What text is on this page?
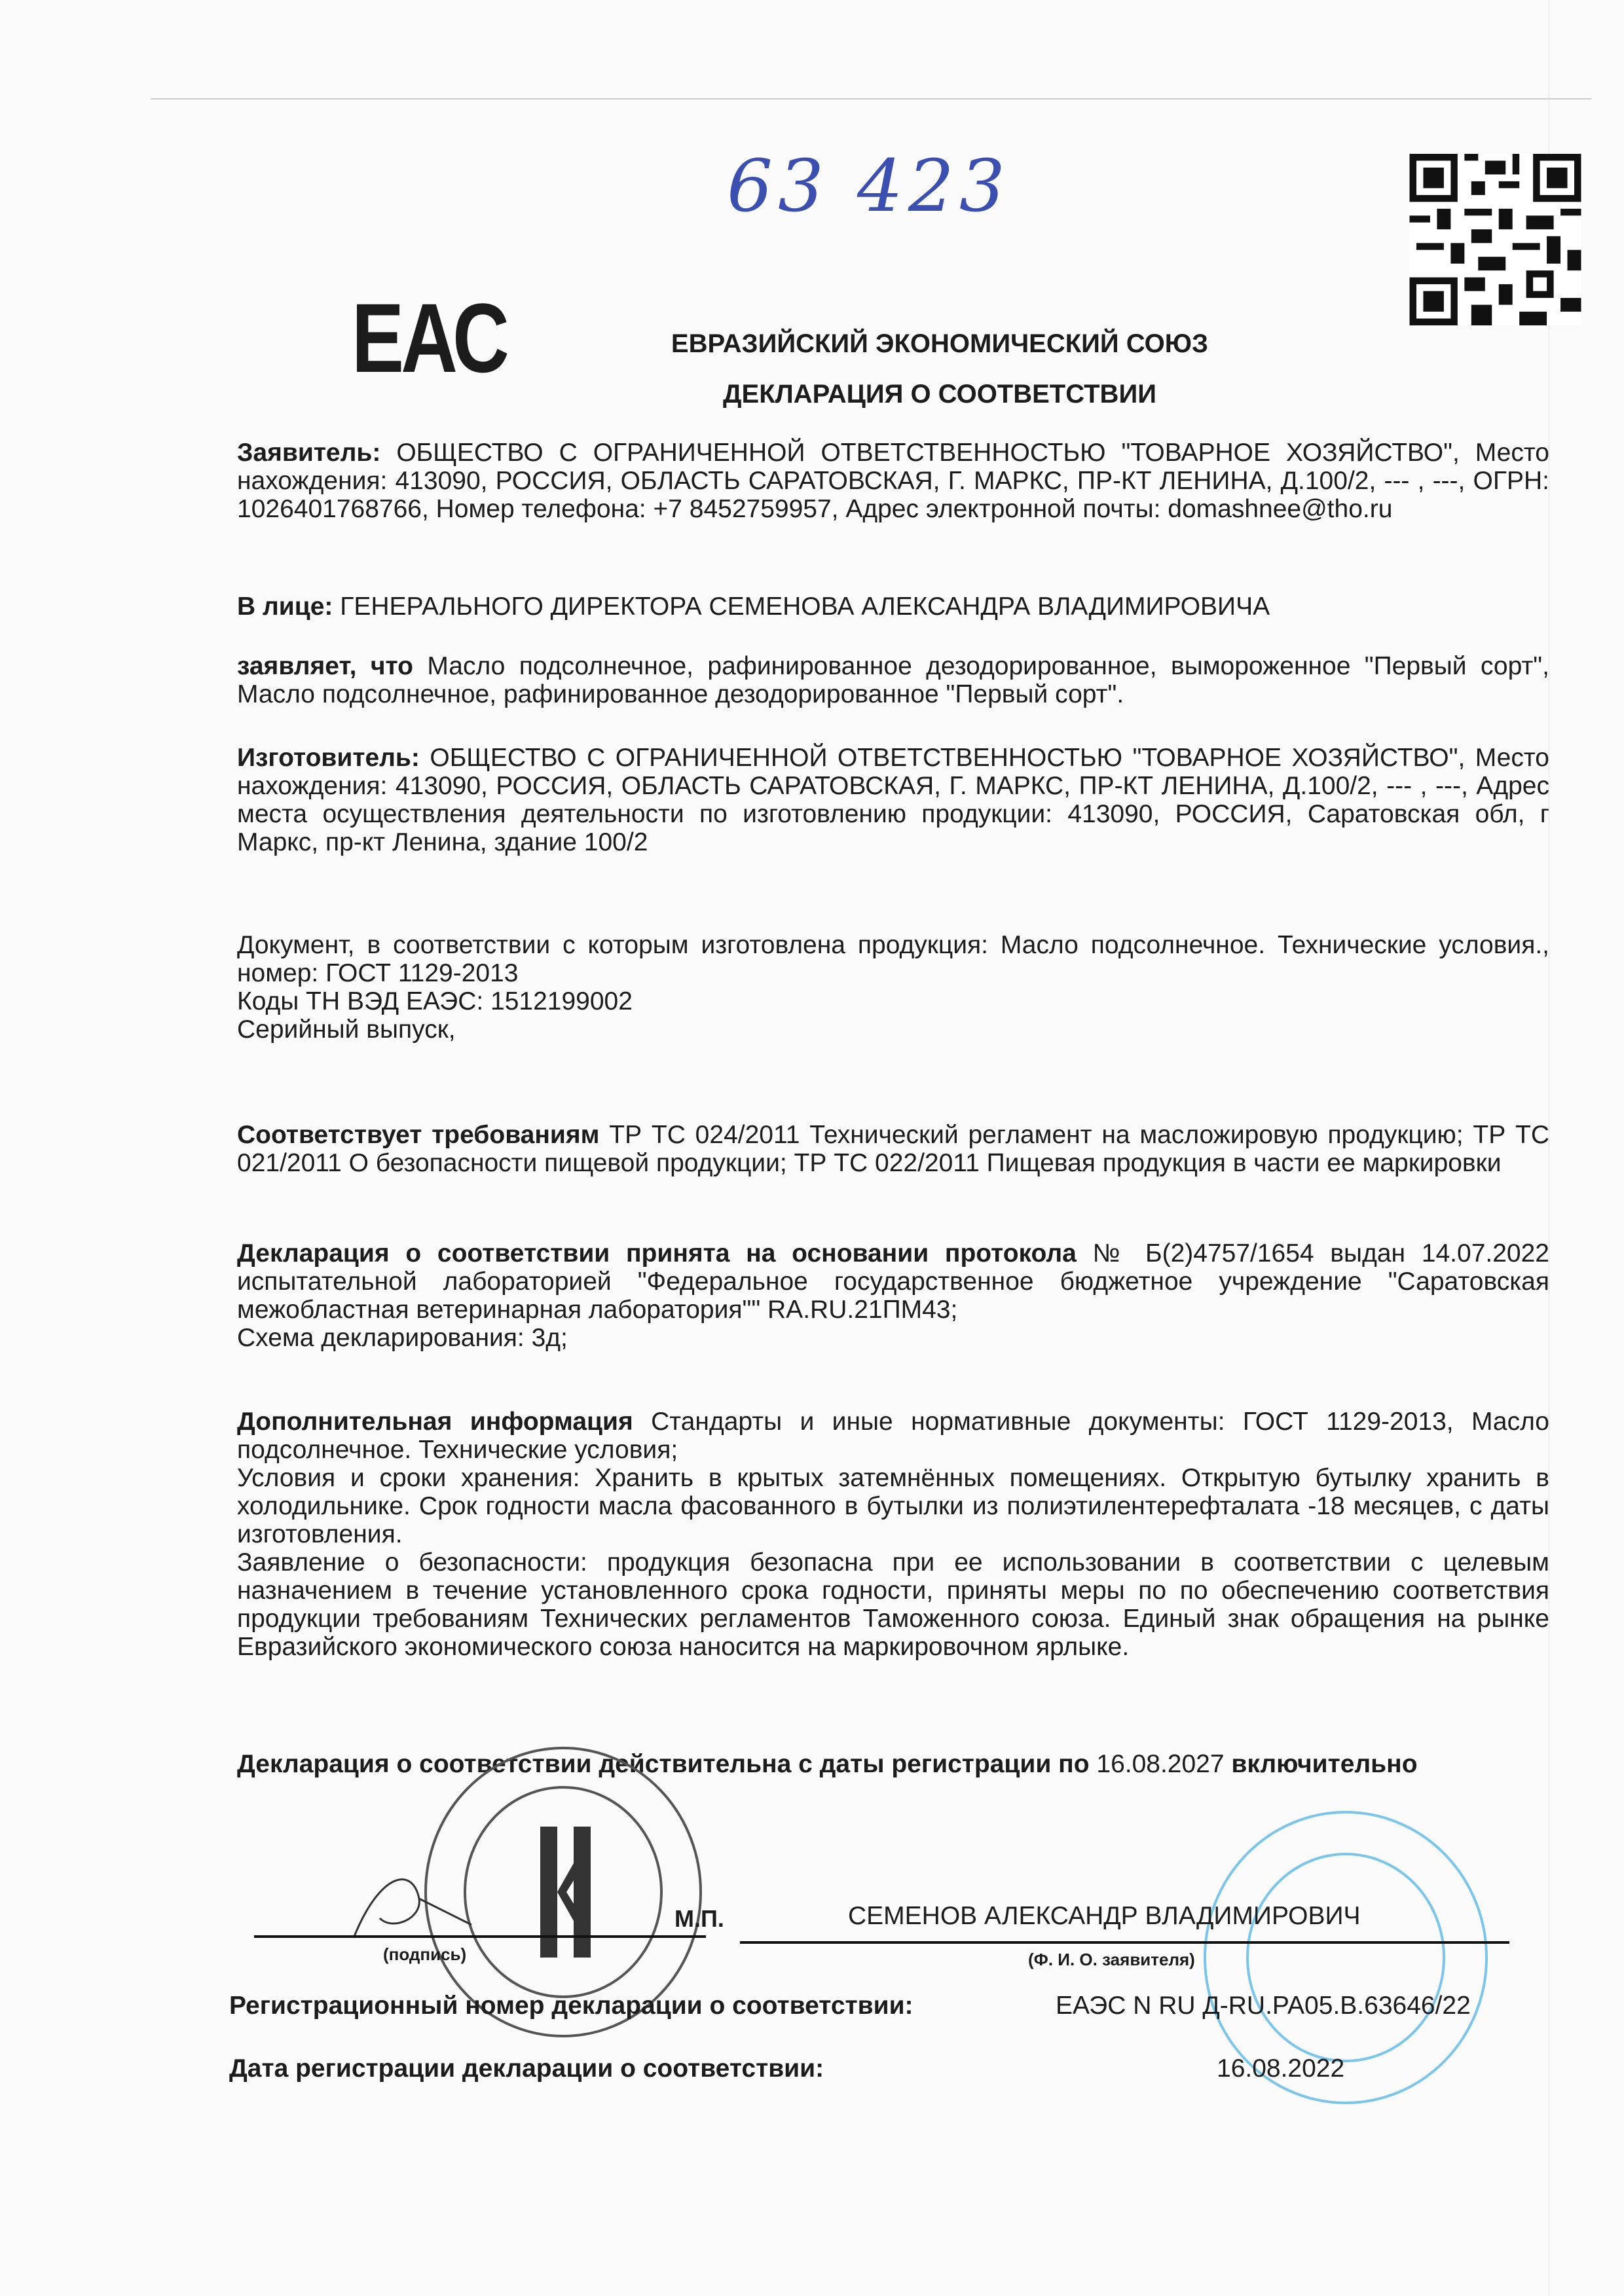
63 423
ЕАС	ЕВРАЗИЙСКИЙ ЭКОНОМИЧЕСКИЙ СОЮЗ
ДЕКЛАРАЦИЯ О СООТВЕТСТВИИ
Заявитель: ОБЩЕСТВО С ОГРАНИЧЕННОЙ ОТВЕТСТВЕННОСТЬЮ "ТОВАРНОЕ ХОЗЯЙСТВО", Место нахождения: 413090, РОССИЯ, ОБЛАСТЬ САРАТОВСКАЯ, Г. МАРКС, ПР-КТ ЛЕНИНА, Д.100/2, --- , ---, ОГРН: 1026401768766, Номер телефона: +7 8452759957, Адрес электронной почты: domashnee@tho.ru
В лице: ГЕНЕРАЛЬНОГО ДИРЕКТОРА СЕМЕНОВА АЛЕКСАНДРА ВЛАДИМИРОВИЧА
заявляет, что Масло подсолнечное, рафинированное дезодорированное, вымороженное "Первый сорт", Масло подсолнечное, рафинированное дезодорированное "Первый сорт".
Изготовитель: ОБЩЕСТВО С ОГРАНИЧЕННОЙ ОТВЕТСТВЕННОСТЬЮ "ТОВАРНОЕ ХОЗЯЙСТВО", Место нахождения: 413090, РОССИЯ, ОБЛАСТЬ САРАТОВСКАЯ, Г. МАРКС, ПР-КТ ЛЕНИНА, Д.100/2, --- , ---, Адрес места осуществления деятельности по изготовлению продукции: 413090, РОССИЯ, Саратовская обл, г Маркс, пр-кт Ленина, здание 100/2
Документ, в соответствии с которым изготовлена продукция: Масло подсолнечное. Технические условия., номер: ГОСТ 1129-2013
Коды ТН ВЭД ЕАЭС: 1512199002
Серийный выпуск,
Соответствует требованиям ТР ТС 024/2011 Технический регламент на масложировую продукцию; ТР ТС 021/2011 О безопасности пищевой продукции; ТР ТС 022/2011 Пищевая продукция в части ее маркировки
Декларация о соответствии принята на основании протокола № Б(2)4757/1654 выдан 14.07.2022 испытательной лабораторией "Федеральное государственное бюджетное учреждение "Саратовская межобластная ветеринарная лаборатория"" RA.RU.21ПМ43;
Схема декларирования: 3д;
Дополнительная информация Стандарты и иные нормативные документы: ГОСТ 1129-2013, Масло подсолнечное. Технические условия;
Условия и сроки хранения: Хранить в крытых затемнённых помещениях. Открытую бутылку хранить в холодильнике. Срок годности масла фасованного в бутылки из полиэтилентерефталата -18 месяцев, с даты изготовления.
Заявление о безопасности: продукция безопасна при ее использовании в соответствии с целевым назначением в течение установленного срока годности, приняты меры по по обеспечению соответствия продукции требованиям Технических регламентов Таможенного союза. Единый знак обращения на рынке Евразийского экономического союза наносится на маркировочном ярлыке.
Декларация о соответствии действительна с даты регистрации по 16.08.2027 включительно
М.П.
(подпись)
СЕМЕНОВ АЛЕКСАНДР ВЛАДИМИРОВИЧ
(Ф. И. О. заявителя)
Регистрационный номер декларации о соответствии:	ЕАЭС N RU Д-RU.PA05.B.63646/22
Дата регистрации декларации о соответствии:	16.08.2022
